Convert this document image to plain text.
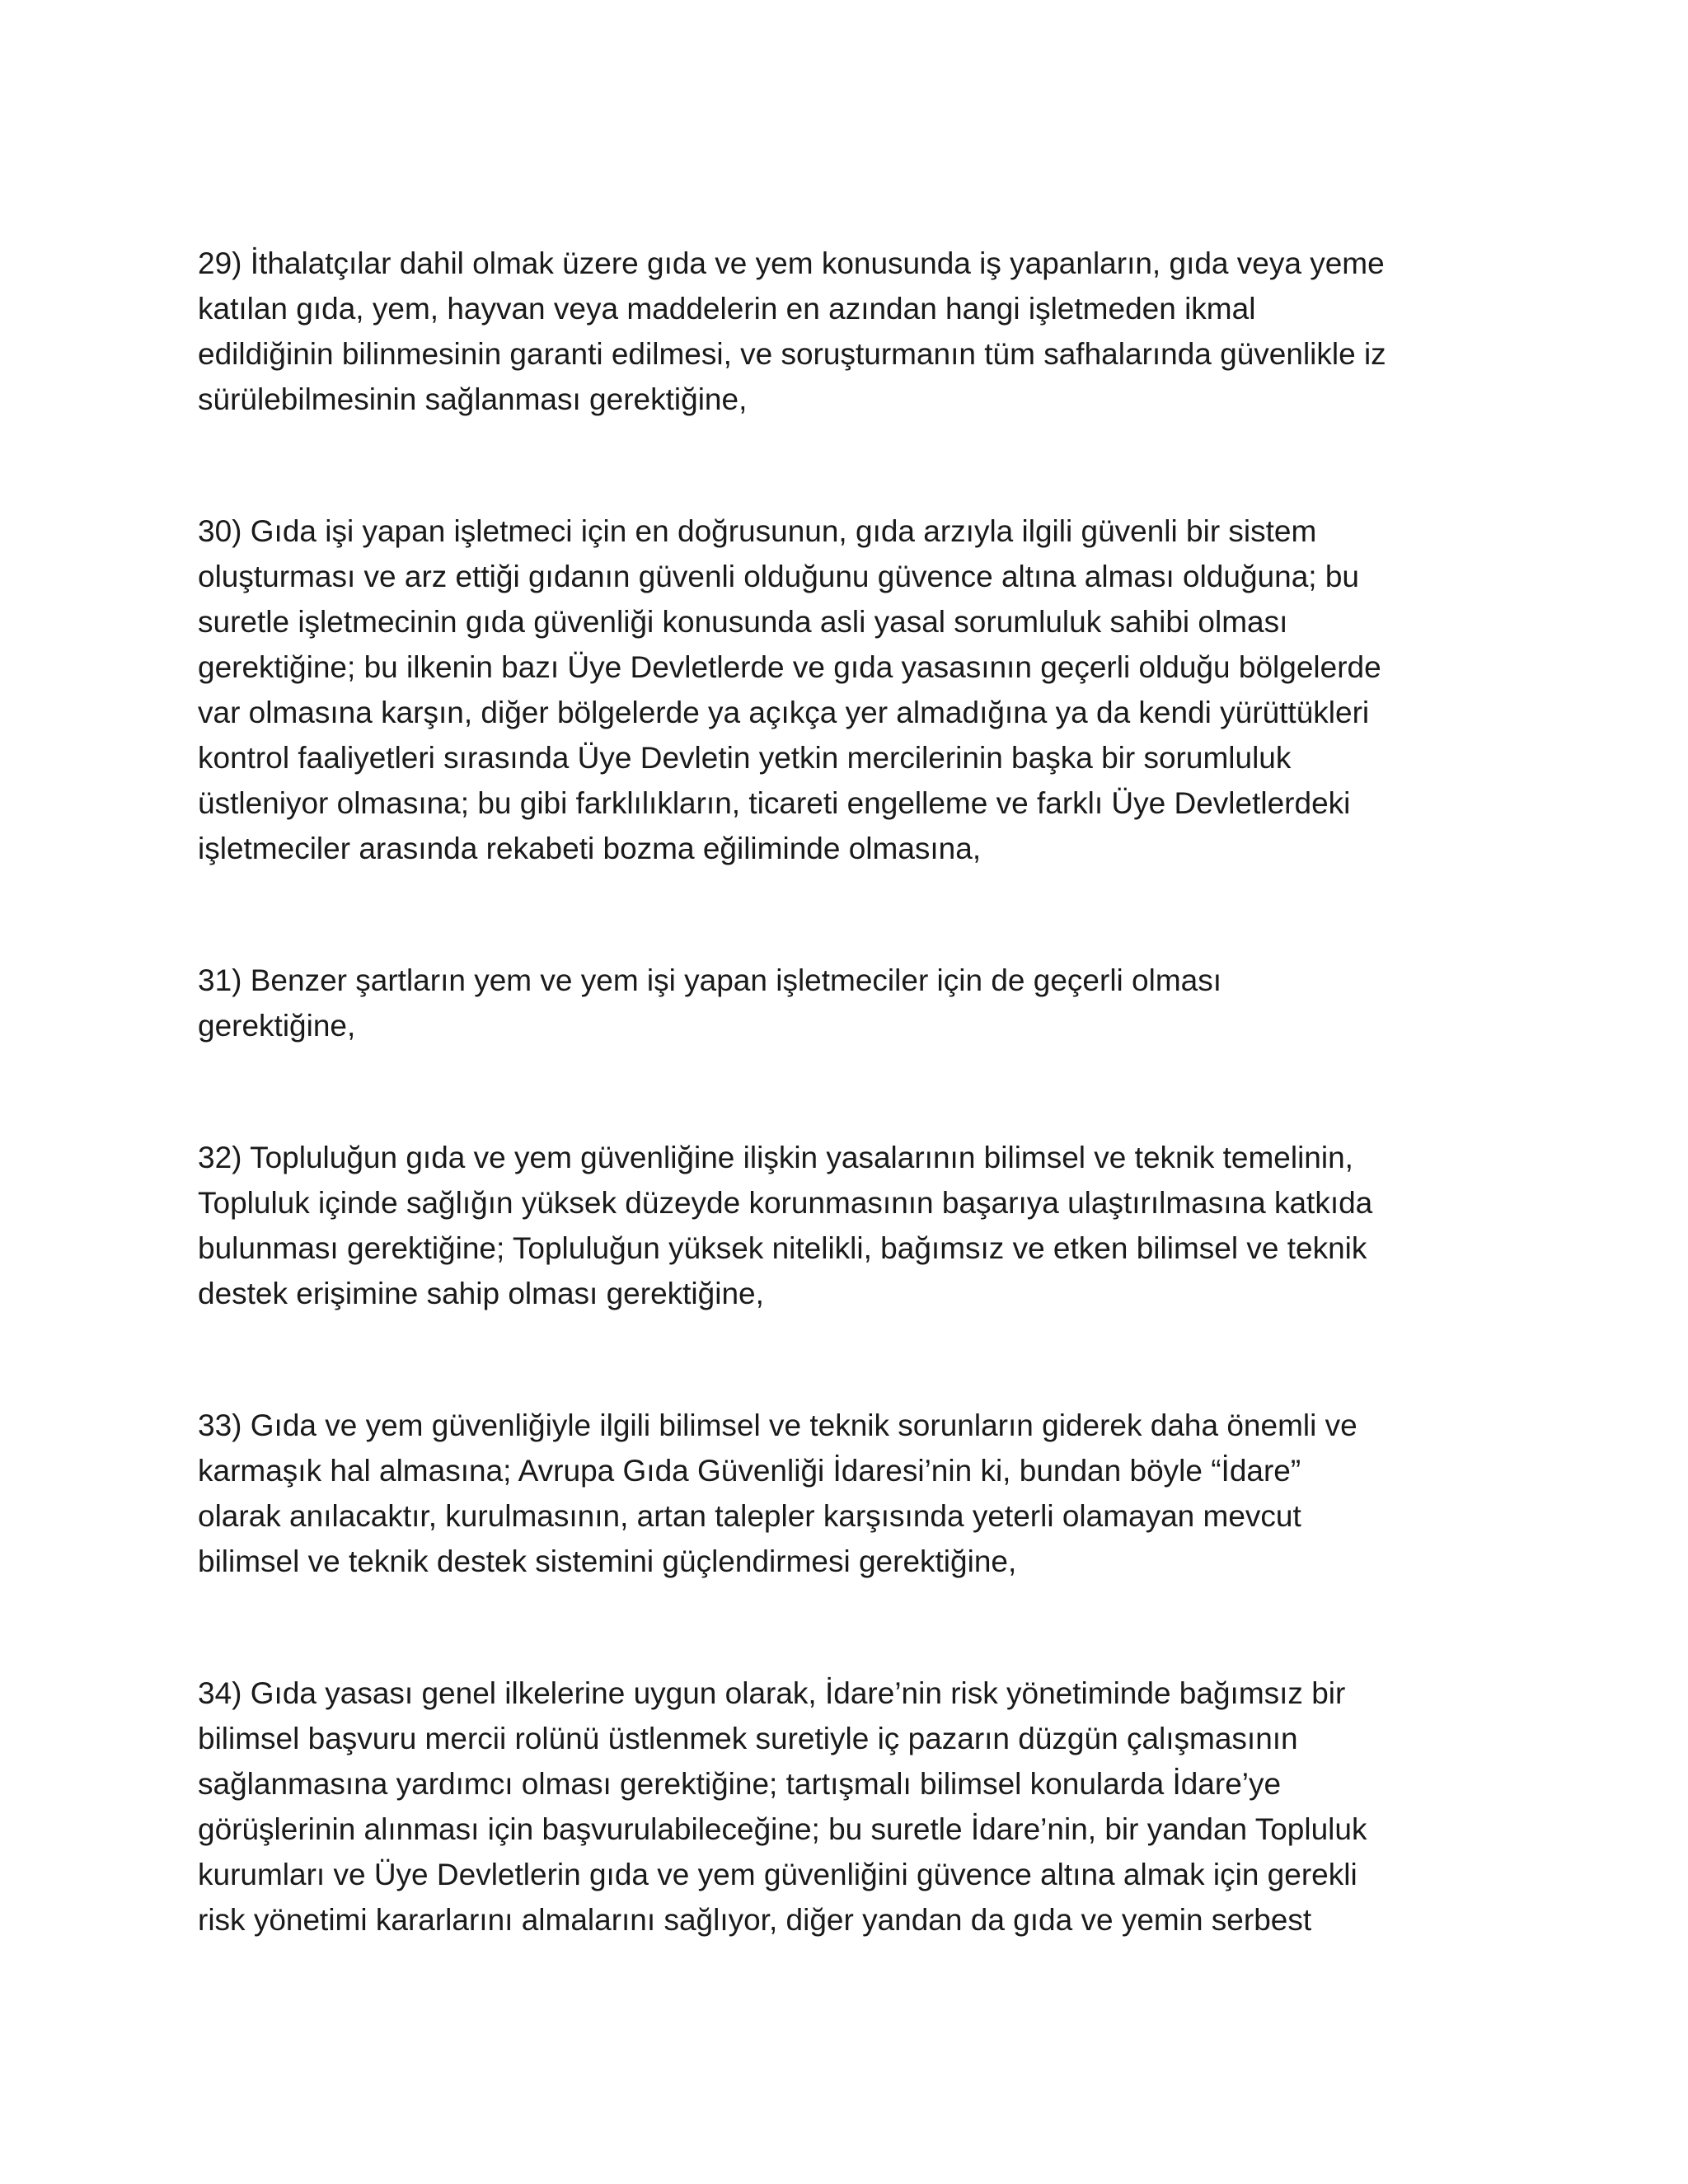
29) İthalatçılar dahil olmak üzere gıda ve yem konusunda iş yapanların, gıda veya yeme
katılan gıda, yem, hayvan veya maddelerin en azından hangi işletmeden ikmal
edildiğinin bilinmesinin garanti edilmesi, ve soruşturmanın tüm safhalarında güvenlikle iz
sürülebilmesinin sağlanması gerektiğine,

30) Gıda işi yapan işletmeci için en doğrusunun, gıda arzıyla ilgili güvenli bir sistem
oluşturması ve arz ettiği gıdanın güvenli olduğunu güvence altına alması olduğuna; bu
suretle işletmecinin gıda güvenliği konusunda asli yasal sorumluluk sahibi olması
gerektiğine; bu ilkenin bazı Üye Devletlerde ve gıda yasasının geçerli olduğu bölgelerde
var olmasına karşın, diğer bölgelerde ya açıkça yer almadığına ya da kendi yürüttükleri
kontrol faaliyetleri sırasında Üye Devletin yetkin mercilerinin başka bir sorumluluk
üstleniyor olmasına; bu gibi farklılıkların, ticareti engelleme ve farklı Üye Devletlerdeki
işletmeciler arasında rekabeti bozma eğiliminde olmasına,

31) Benzer şartların yem ve yem işi yapan işletmeciler için de geçerli olması
gerektiğine,

32) Topluluğun gıda ve yem güvenliğine ilişkin yasalarının bilimsel ve teknik temelinin,
Topluluk içinde sağlığın yüksek düzeyde korunmasının başarıya ulaştırılmasına katkıda
bulunması gerektiğine; Topluluğun yüksek nitelikli, bağımsız ve etken bilimsel ve teknik
destek erişimine sahip olması gerektiğine,

33) Gıda ve yem güvenliğiyle ilgili bilimsel ve teknik sorunların giderek daha önemli ve
karmaşık hal almasına; Avrupa Gıda Güvenliği İdaresi’nin ki, bundan böyle “İdare”
olarak anılacaktır, kurulmasının, artan talepler karşısında yeterli olamayan mevcut
bilimsel ve teknik destek sistemini güçlendirmesi gerektiğine,

34) Gıda yasası genel ilkelerine uygun olarak, İdare’nin risk yönetiminde bağımsız bir
bilimsel başvuru mercii rolünü üstlenmek suretiyle iç pazarın düzgün çalışmasının
sağlanmasına yardımcı olması gerektiğine; tartışmalı bilimsel konularda İdare’ye
görüşlerinin alınması için başvurulabileceğine; bu suretle İdare’nin, bir yandan Topluluk
kurumları ve Üye Devletlerin gıda ve yem güvenliğini güvence altına almak için gerekli
risk yönetimi kararlarını almalarını sağlıyor, diğer yandan da gıda ve yemin serbest
